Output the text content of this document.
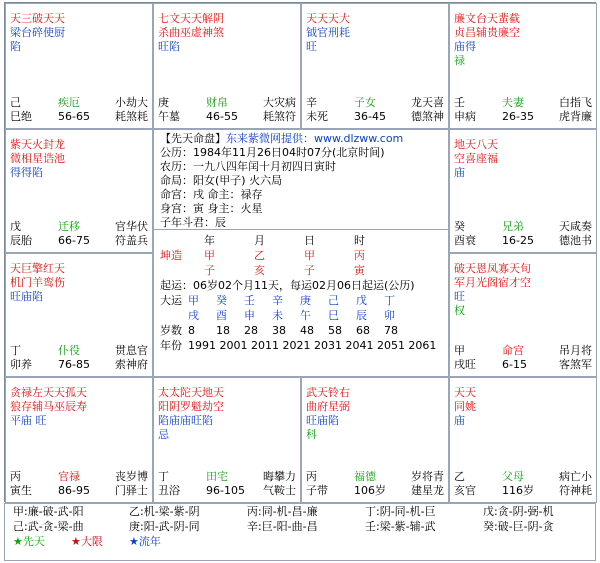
天三破天天
梁台碎使厨
陷
己	疾厄	小劫大
巳绝 56-65 耗煞耗
七文天天解阴
杀曲巫虚神煞
旺陷
庚	财帛	大灾病
午墓 46-55 耗煞符
天天天大
钺官刑耗
旺
辛	子女	龙天喜
未死 36-45 德煞神
廉文台天蜚截
贞昌辅贵廉空
庙得
禄
壬	夫妻	白指飞
申病 26-35 虎背廉
紫天火封龙
微相星诰池
得得陷
戊	迁移	官华伏
辰胎 66-75 符盖兵
地天八天
空喜座福
庙
癸	兄弟	天咸奏
酉衰 16-25 德池书
天巨擎红天
机门羊鸾伤
旺庙陷
丁	仆役	贯息官
卯养 76-85 索神府
破天恩凤寡天旬
军月光阁宿才空
旺
权
甲	命宫	吊月将
戌旺 6-15	客煞军
贪禄左天天孤天
狼存辅马巫辰寿
平庙 旺
丙	官禄	丧岁博
寅生 86-95 门驿士
太太陀天地天
阳阴罗魁劫空
陷庙庙旺陷
忌
丁	田宅	晦攀力
丑浴 96-105 气鞍士
武天铃右
曲府星弼
旺庙陷
科
丙	福德	岁将青
子带 106岁 建星龙
天天
同姚
庙
乙	父母	病亡小
亥官 116岁 符神耗
【先天命盘】东来紫微网提供：www.dlzww.com
公历：1984年11月26日04时07分(北京时间)
农历：一九八四年闰十月初四日寅时
命局：阳女(甲子) 火六局
命宫：戌 命主：禄存
身宫：寅 身主：火星
子年斗君：辰
年	月	日	时
坤造 甲	乙	甲	丙
子	亥	子	寅
起运：06岁02个月11天，每运02月06日起运(公历)
大运 甲 癸 壬 辛 庚 己 戊 丁
戌 酉 申 未 午 巳 辰 卯
岁数 8 18 28 38 48 58 68 78
年份 1991 2001 2011 2021 2031 2041 2051 2061
甲:廉-破-武-阳	乙:机-梁-紫-阴	丙:同-机-昌-廉	丁:阴-同-机-巨	戊:贪-阴-弼-机
己:武-贪-梁-曲	庚:阳-武-阴-同	辛:巨-阳-曲-昌	壬:梁-紫-辅-武	癸:破-巨-阴-贪
★先天 ★大限 ★流年
